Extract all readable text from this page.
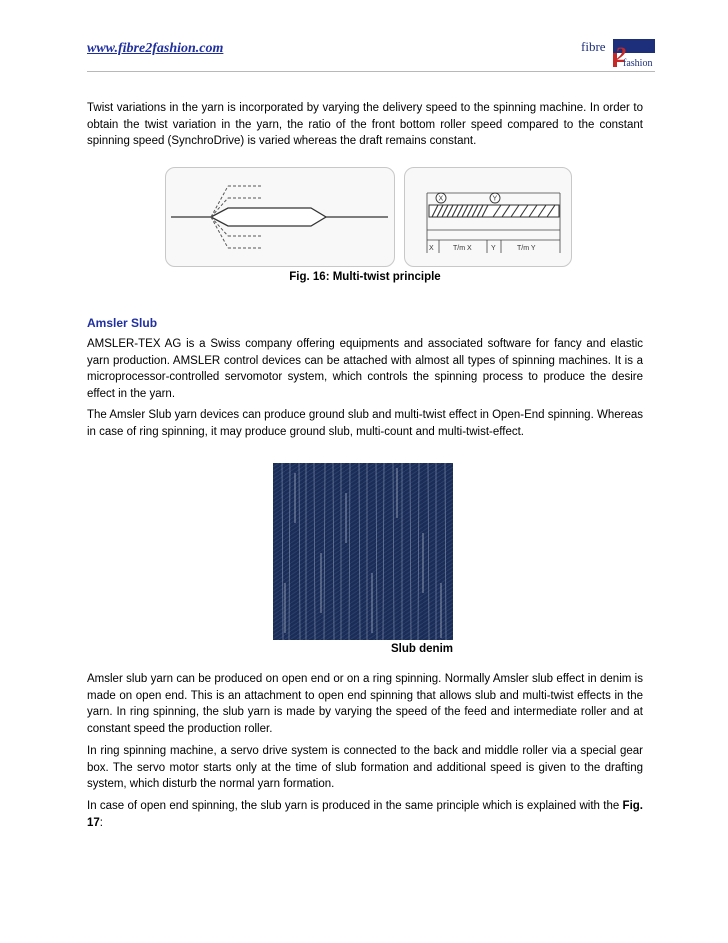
www.fibre2fashion.com	fibre 2
fashion
Twist variations in the yarn is incorporated by varying the delivery speed to the spinning machine. In order to obtain the twist variation in the yarn, the ratio of the front bottom roller speed compared to the constant spinning speed (SynchroDrive) is varied whereas the draft remains constant.
X	Y
X	T/m X	Y	T/m Y
Fig. 16: Multi-twist principle
Amsler Slub
AMSLER-TEX AG is a Swiss company offering equipments and associated software for fancy and elastic yarn production. AMSLER control devices can be attached with almost all types of spinning machines. It is a microprocessor-controlled servomotor system, which controls the spinning process to produce the desire effect in the yarn.
The Amsler Slub yarn devices can produce ground slub and multi-twist effect in Open-End spinning. Whereas in case of ring spinning, it may produce ground slub, multi-count and multi-twist-effect.
Slub denim
Amsler slub yarn can be produced on open end or on a ring spinning. Normally Amsler slub effect in denim is made on open end. This is an attachment to open end spinning that allows slub and multi-twist effects in the yarn. In ring spinning, the slub yarn is made by varying the speed of the feed and intermediate roller and at constant speed the production roller.
In ring spinning machine, a servo drive system is connected to the back and middle roller via a special gear box. The servo motor starts only at the time of slub formation and additional speed is given to the drafting system, which disturb the normal yarn formation.
In case of open end spinning, the slub yarn is produced in the same principle which is explained with the Fig. 17:
